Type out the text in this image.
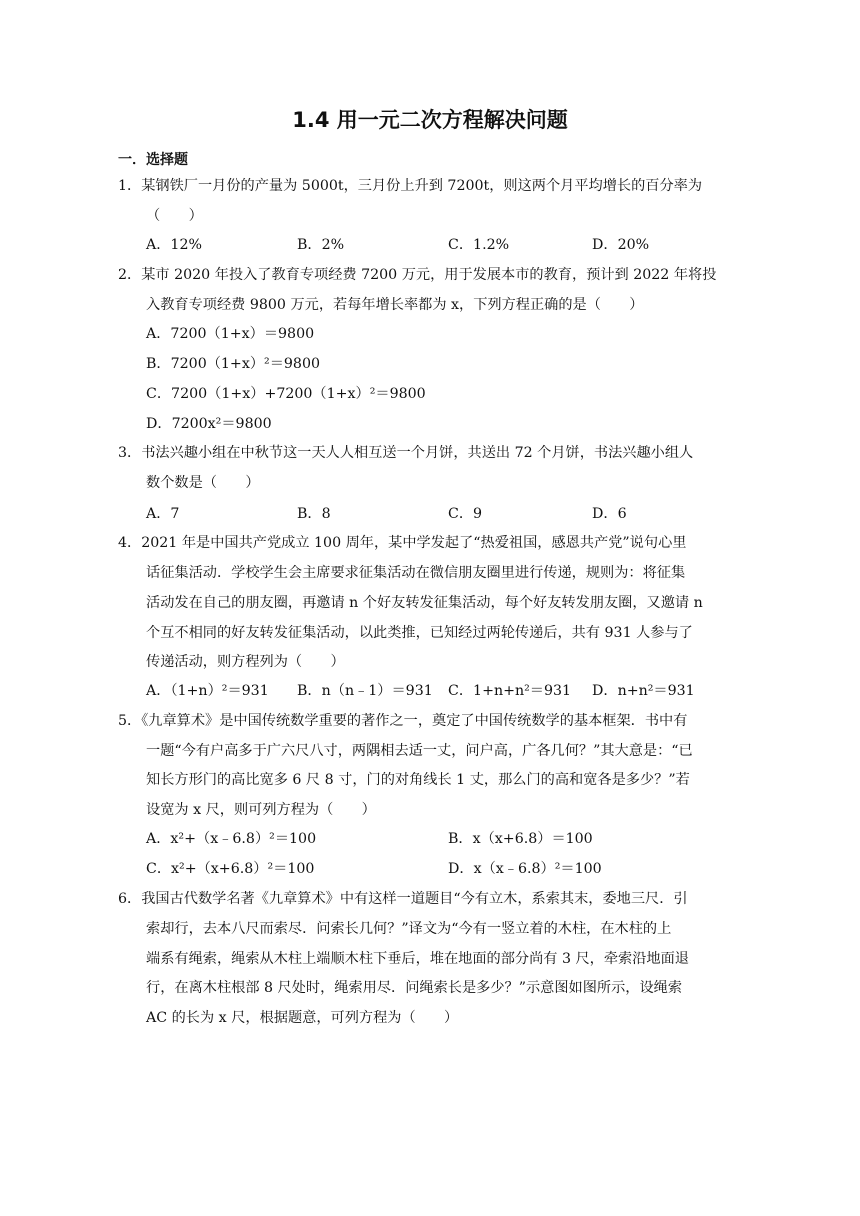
1.4 用一元二次方程解决问题
一．选择题
1．某钢铁厂一月份的产量为 5000t，三月份上升到 7200t，则这两个月平均增长的百分率为
（　　）
A．12%	B．2%	C．1.2%	D．20%
2．某市 2020 年投入了教育专项经费 7200 万元，用于发展本市的教育，预计到 2022 年将投
入教育专项经费 9800 万元，若每年增长率都为 x，下列方程正确的是（　　）
A．7200（1+x）＝9800
B．7200（1+x）²＝9800
C．7200（1+x）+7200（1+x）²＝9800
D．7200x²＝9800
3．书法兴趣小组在中秋节这一天人人相互送一个月饼，共送出 72 个月饼，书法兴趣小组人
数个数是（　　）
A．7	B．8	C．9	D．6
4．2021 年是中国共产党成立 100 周年，某中学发起了“热爱祖国，感恩共产党”说句心里
话征集活动．学校学生会主席要求征集活动在微信朋友圈里进行传递，规则为：将征集
活动发在自己的朋友圈，再邀请 n 个好友转发征集活动，每个好友转发朋友圈，又邀请 n
个互不相同的好友转发征集活动，以此类推，已知经过两轮传递后，共有 931 人参与了
传递活动，则方程列为（　　）
A．（1+n）²＝931 B．n（n﹣1）＝931 C．1+n+n²＝931 D．n+n²＝931
5．《九章算术》是中国传统数学重要的著作之一，奠定了中国传统数学的基本框架．书中有
一题“今有户高多于广六尺八寸，两隅相去适一丈，问户高，广各几何？”其大意是：“已
知长方形门的高比宽多 6 尺 8 寸，门的对角线长 1 丈，那么门的高和宽各是多少？”若
设宽为 x 尺，则可列方程为（　　）
A．x²+（x﹣6.8）²＝100	B．x（x+6.8）＝100
C．x²+（x+6.8）²＝100	D．x（x﹣6.8）²＝100
6．我国古代数学名著《九章算术》中有这样一道题目“今有立木，系索其末，委地三尺．引
索却行，去本八尺而索尽．问索长几何？”译文为“今有一竖立着的木柱，在木柱的上
端系有绳索，绳索从木柱上端顺木柱下垂后，堆在地面的部分尚有 3 尺，牵索沿地面退
行，在离木柱根部 8 尺处时，绳索用尽．问绳索长是多少？”示意图如图所示，设绳索
AC 的长为 x 尺，根据题意，可列方程为（　　）
